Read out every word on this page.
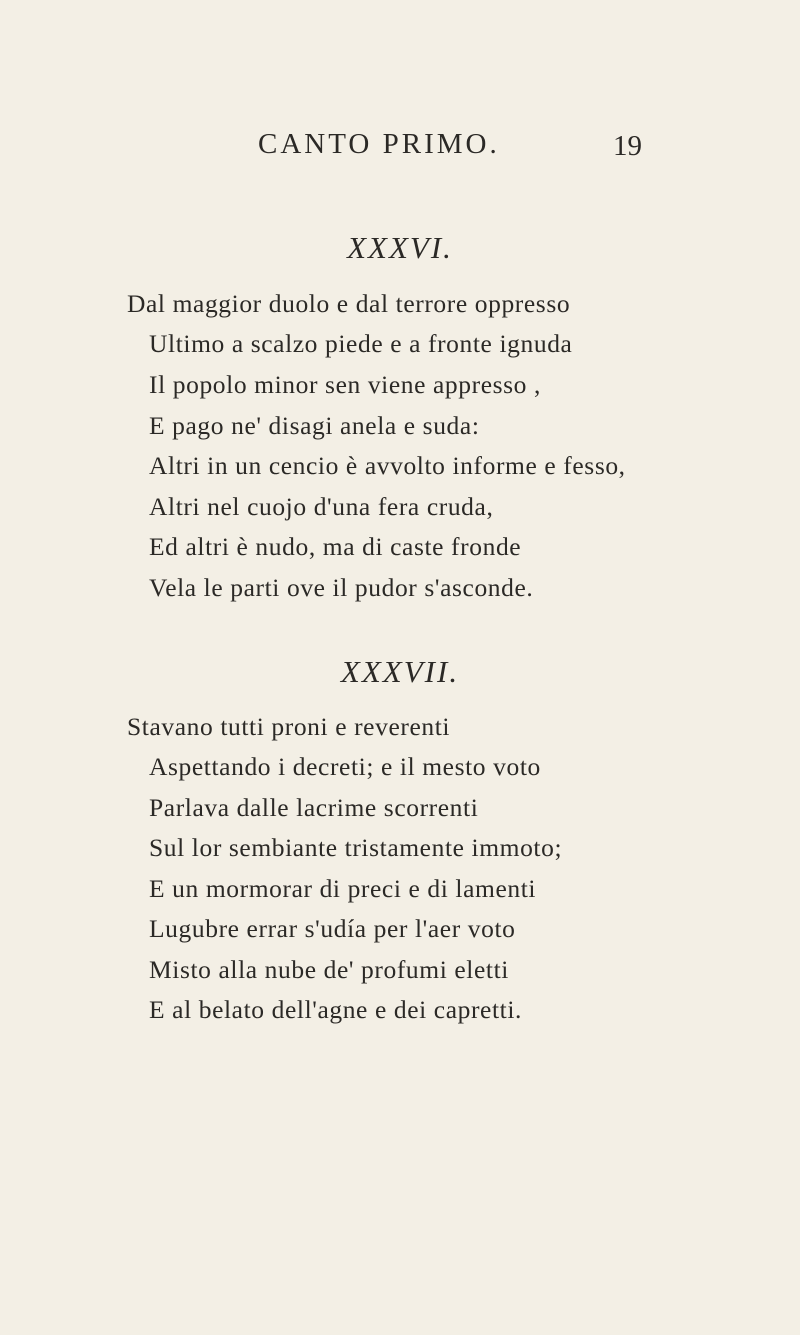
CANTO PRIMO.	19
XXXVI.
Dal maggior duolo e dal terrore oppresso
Ultimo a scalzo piede e a fronte ignuda
Il popolo minor sen viene appresso ,
E pago ne' disagi anela e suda:
Altri in un cencio è avvolto informe e fesso,
Altri nel cuojo d'una fera cruda,
Ed altri è nudo, ma di caste fronde
Vela le parti ove il pudor s'asconde.
XXXVII.
Stavano tutti proni e reverenti
Aspettando i decreti; e il mesto voto
Parlava dalle lacrime scorrenti
Sul lor sembiante tristamente immoto;
E un mormorar di preci e di lamenti
Lugubre errar s'udía per l'aer voto
Misto alla nube de' profumi eletti
E al belato dell'agne e dei capretti.
